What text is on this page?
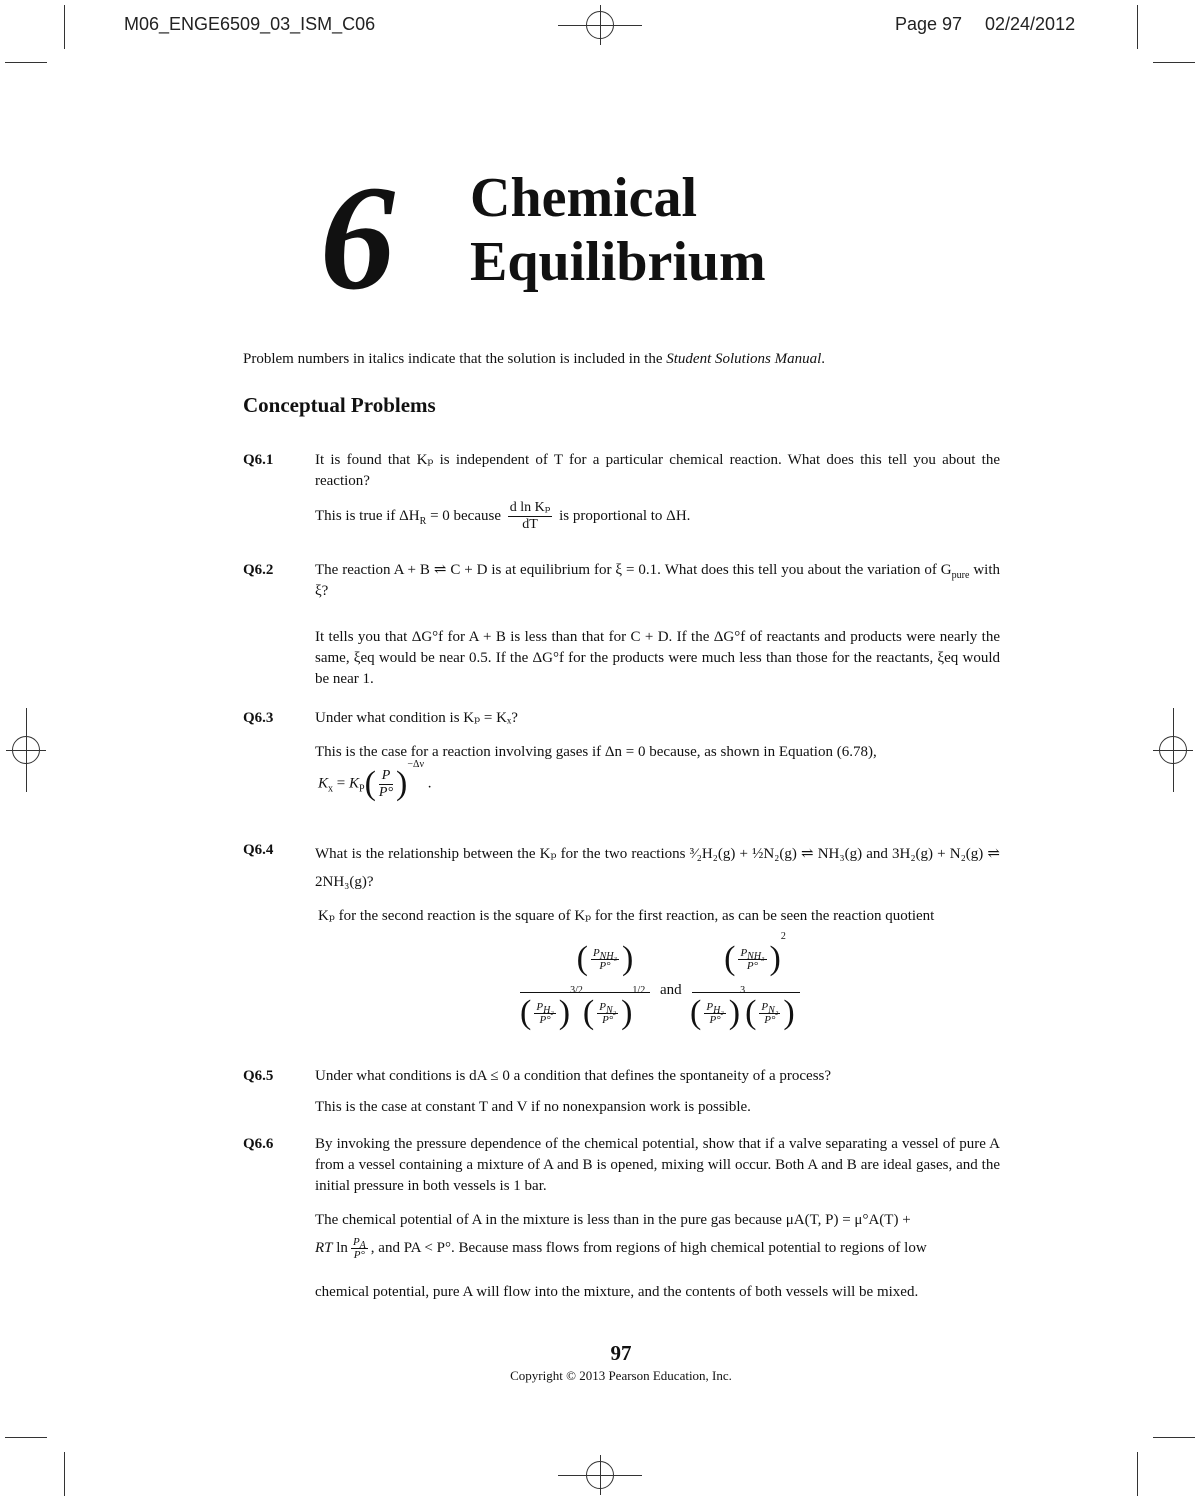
M06_ENGE6509_03_ISM_C06	Page 97 02/24/2012
6 Chemical
Equilibrium
Problem numbers in italics indicate that the solution is included in the Student Solutions Manual.
Conceptual Problems
Q6.1	It is found that Kₚ is independent of T for a particular chemical reaction. What does this tell you about the reaction?
This is true if $\Delta H_R = 0$ because $\frac{\text{d ln Kₚ}}{dT}$ is proportional to ΔH.
Q6.2	The reaction A + B ⇌ C + D is at equilibrium for ξ = 0.1. What does this tell you about the variation of $G_{pure}$ with ξ?
It tells you that ΔG°f for A + B is less than that for C + D. If the ΔG°f of reactants and products were nearly the same, ξeq would be near 0.5. If the ΔG°f for the products were much less than those for the reactants, ξeq would be near 1.
Q6.3	Under what condition is Kₚ = Kₓ?
This is the case for a reaction involving gases if Δn = 0 because, as shown in Equation (6.78),
$K_x = K_P( \frac{P}{P^\circ} )^{-\Delta\nu}$ .
Q6.4	What is the relationship between the Kₚ for the two reactions ³⁄₂H₂(g) + ½N₂(g) ⇌ NH₃(g) and 3H₂(g) + N₂(g) ⇌ 2NH₃(g)?
Kₚ for the second reaction is the square of Kₚ for the first reaction, as can be seen the reaction quotient
( $\frac{P_{NH_3}}{P^\circ}$ )
( $\frac{P_{H_2}}{P^\circ} )^{3/2}( \frac{P_{N_2}}{P^\circ} )^{1/2}$ and
( $\frac{P_{NH_3}}{P^\circ} )^2$
( $\frac{P_{H_2}}{P^\circ} )^3( \frac{P_{N_2}}{P^\circ}$ )
Q6.5	Under what conditions is dA ≤ 0 a condition that defines the spontaneity of a process?
This is the case at constant T and V if no nonexpansion work is possible.
Q6.6	By invoking the pressure dependence of the chemical potential, show that if a valve separating a vessel of pure A from a vessel containing a mixture of A and B is opened, mixing will occur. Both A and B are ideal gases, and the initial pressure in both vessels is 1 bar.
The chemical potential of A in the mixture is less than in the pure gas because μA(T, P) = μ°A(T) +
RT $\ln \frac{P_A}{P^\circ}$ , and PA < P°. Because mass flows from regions of high chemical potential to regions of low
chemical potential, pure A will flow into the mixture, and the contents of both vessels will be mixed.
97
Copyright © 2013 Pearson Education, Inc.
